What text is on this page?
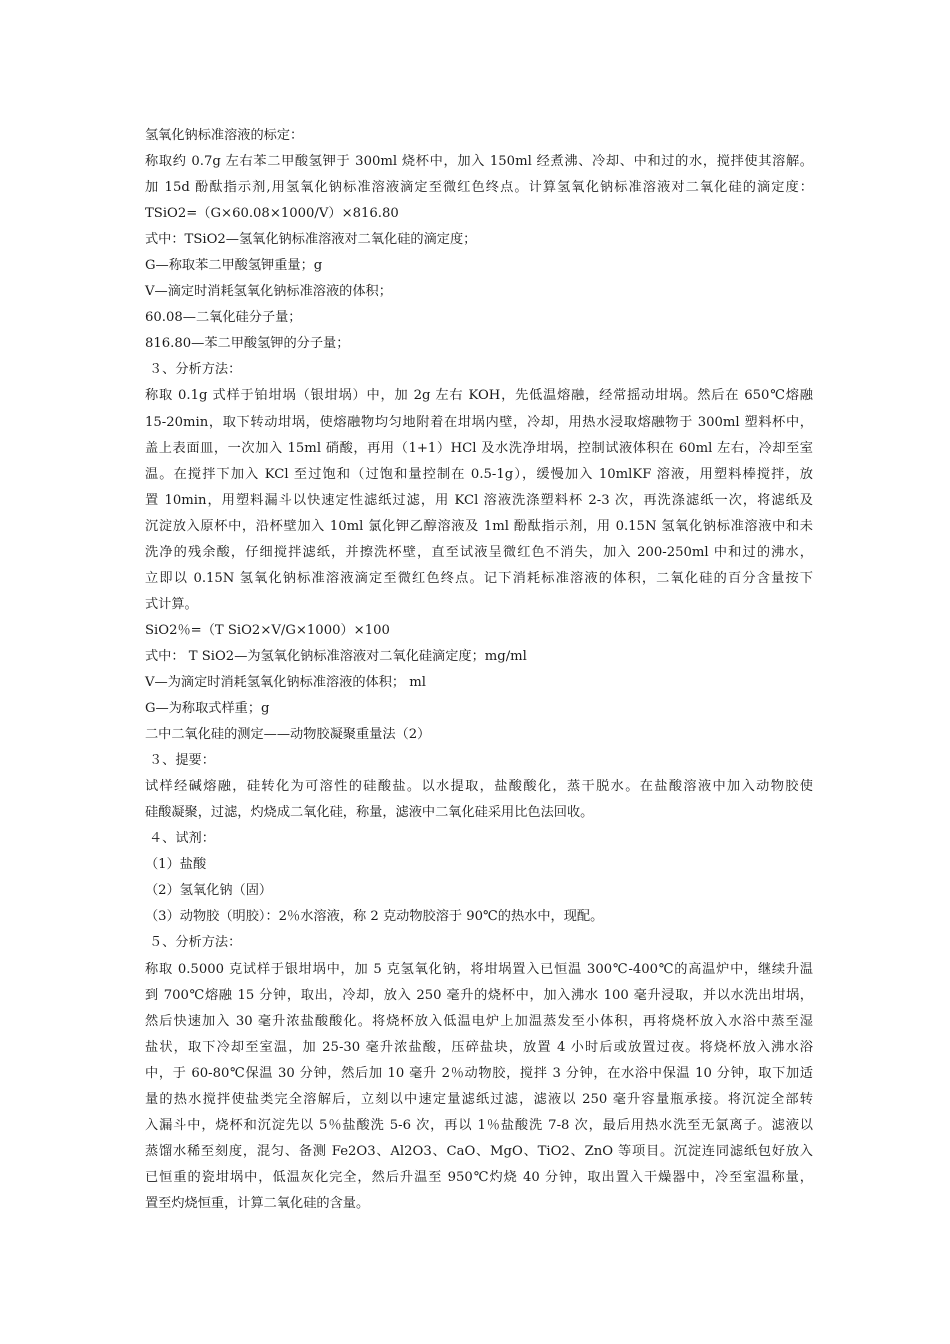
氢氧化钠标准溶液的标定：
称取约 0.7g 左右苯二甲酸氢钾于 300ml 烧杯中，加入 150ml 经煮沸、冷却、中和过的水，搅拌使其溶解。
加 15d 酚酞指示剂,用氢氧化钠标准溶液滴定至微红色终点。计算氢氧化钠标准溶液对二氧化硅的滴定度：
TSiO2=（G×60.08×1000/V）×816.80
式中：TSiO2—氢氧化钠标准溶液对二氧化硅的滴定度；
G—称取苯二甲酸氢钾重量；g
V—滴定时消耗氢氧化钠标准溶液的体积；
60.08—二氧化硅分子量；
816.80—苯二甲酸氢钾的分子量；
３、分析方法：
称取 0.1g 式样于铂坩埚（银坩埚）中，加 2g 左右 KOH，先低温熔融，经常摇动坩埚。然后在 650℃熔融
15-20min，取下转动坩埚，使熔融物均匀地附着在坩埚内壁，冷却，用热水浸取熔融物于 300ml 塑料杯中，
盖上表面皿，一次加入 15ml 硝酸，再用（1+1）HCl 及水洗净坩埚，控制试液体积在 60ml 左右，冷却至室
温。在搅拌下加入 KCl 至过饱和（过饱和量控制在 0.5-1g），缓慢加入 10mlKF 溶液，用塑料棒搅拌，放
置 10min，用塑料漏斗以快速定性滤纸过滤，用 KCl 溶液洗涤塑料杯 2-3 次，再洗涤滤纸一次，将滤纸及
沉淀放入原杯中，沿杯壁加入 10ml 氯化钾乙醇溶液及 1ml 酚酞指示剂，用 0.15N 氢氧化钠标准溶液中和未
洗净的残余酸，仔细搅拌滤纸，并擦洗杯壁，直至试液呈微红色不消失，加入 200-250ml 中和过的沸水，
立即以 0.15N 氢氧化钠标准溶液滴定至微红色终点。记下消耗标准溶液的体积，二氧化硅的百分含量按下
式计算。
SiO2％=（T SiO2×V/G×1000）×100
式中： T SiO2—为氢氧化钠标准溶液对二氧化硅滴定度；mg/ml
V—为滴定时消耗氢氧化钠标准溶液的体积； ml
G—为称取式样重；g
二中二氧化硅的测定——动物胶凝聚重量法（2）
３、提要：
试样经碱熔融，硅转化为可溶性的硅酸盐。以水提取，盐酸酸化，蒸干脱水。在盐酸溶液中加入动物胶使
硅酸凝聚，过滤，灼烧成二氧化硅，称量，滤液中二氧化硅采用比色法回收。
４、试剂：
（1）盐酸
（2）氢氧化钠（固）
（3）动物胶（明胶）：2％水溶液，称 2 克动物胶溶于 90℃的热水中，现配。
５、分析方法：
称取 0.5000 克试样于银坩埚中，加 5 克氢氧化钠，将坩埚置入已恒温 300℃-400℃的高温炉中，继续升温
到 700℃熔融 15 分钟，取出，冷却，放入 250 毫升的烧杯中，加入沸水 100 毫升浸取，并以水洗出坩埚，
然后快速加入 30 毫升浓盐酸酸化。将烧杯放入低温电炉上加温蒸发至小体积，再将烧杯放入水浴中蒸至湿
盐状，取下冷却至室温，加 25-30 毫升浓盐酸，压碎盐块，放置 4 小时后或放置过夜。将烧杯放入沸水浴
中，于 60-80℃保温 30 分钟，然后加 10 毫升 2％动物胶，搅拌 3 分钟，在水浴中保温 10 分钟，取下加适
量的热水搅拌使盐类完全溶解后，立刻以中速定量滤纸过滤，滤液以 250 毫升容量瓶承接。将沉淀全部转
入漏斗中，烧杯和沉淀先以 5％盐酸洗 5-6 次，再以 1％盐酸洗 7-8 次，最后用热水洗至无氯离子。滤液以
蒸馏水稀至刻度，混匀、备测 Fe2O3、Al2O3、CaO、MgO、TiO2、ZnO 等项目。沉淀连同滤纸包好放入
已恒重的瓷坩埚中，低温灰化完全，然后升温至 950℃灼烧 40 分钟，取出置入干燥器中，冷至室温称量，
置至灼烧恒重，计算二氧化硅的含量。
